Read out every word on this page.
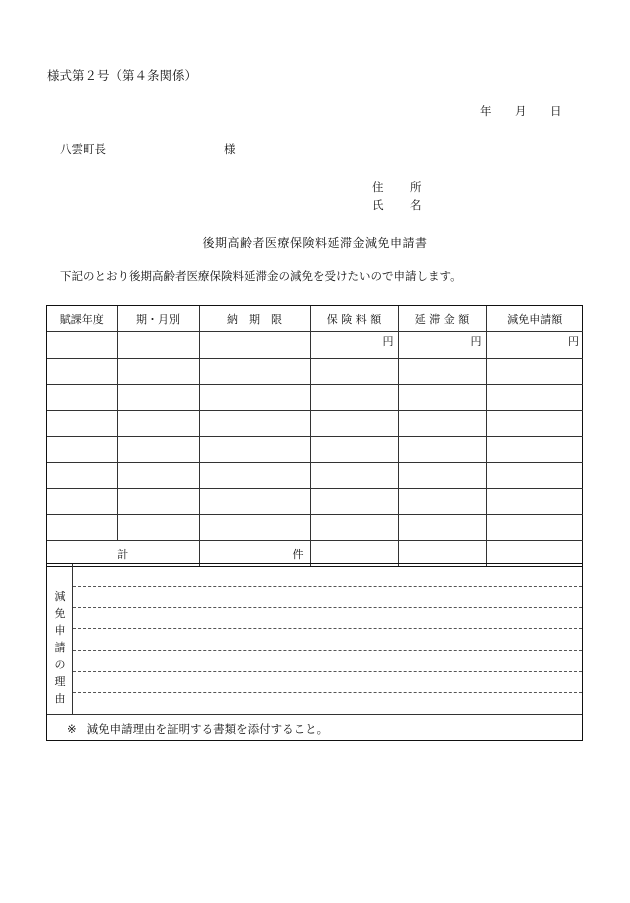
様式第２号（第４条関係）
年 月 日
八雲町長	様
住 所
氏 名
後期高齢者医療保険料延滞金減免申請書
下記のとおり後期高齢者医療保険料延滞金の減免を受けたいので申請します。
賦課年度	期・月別	納　期　限	保 険 料 額	延 滞 金 額	減免申請額
			円	円	円

計		件			
減
免
申
請
の
理
由
※ 減免申請理由を証明する書類を添付すること。
